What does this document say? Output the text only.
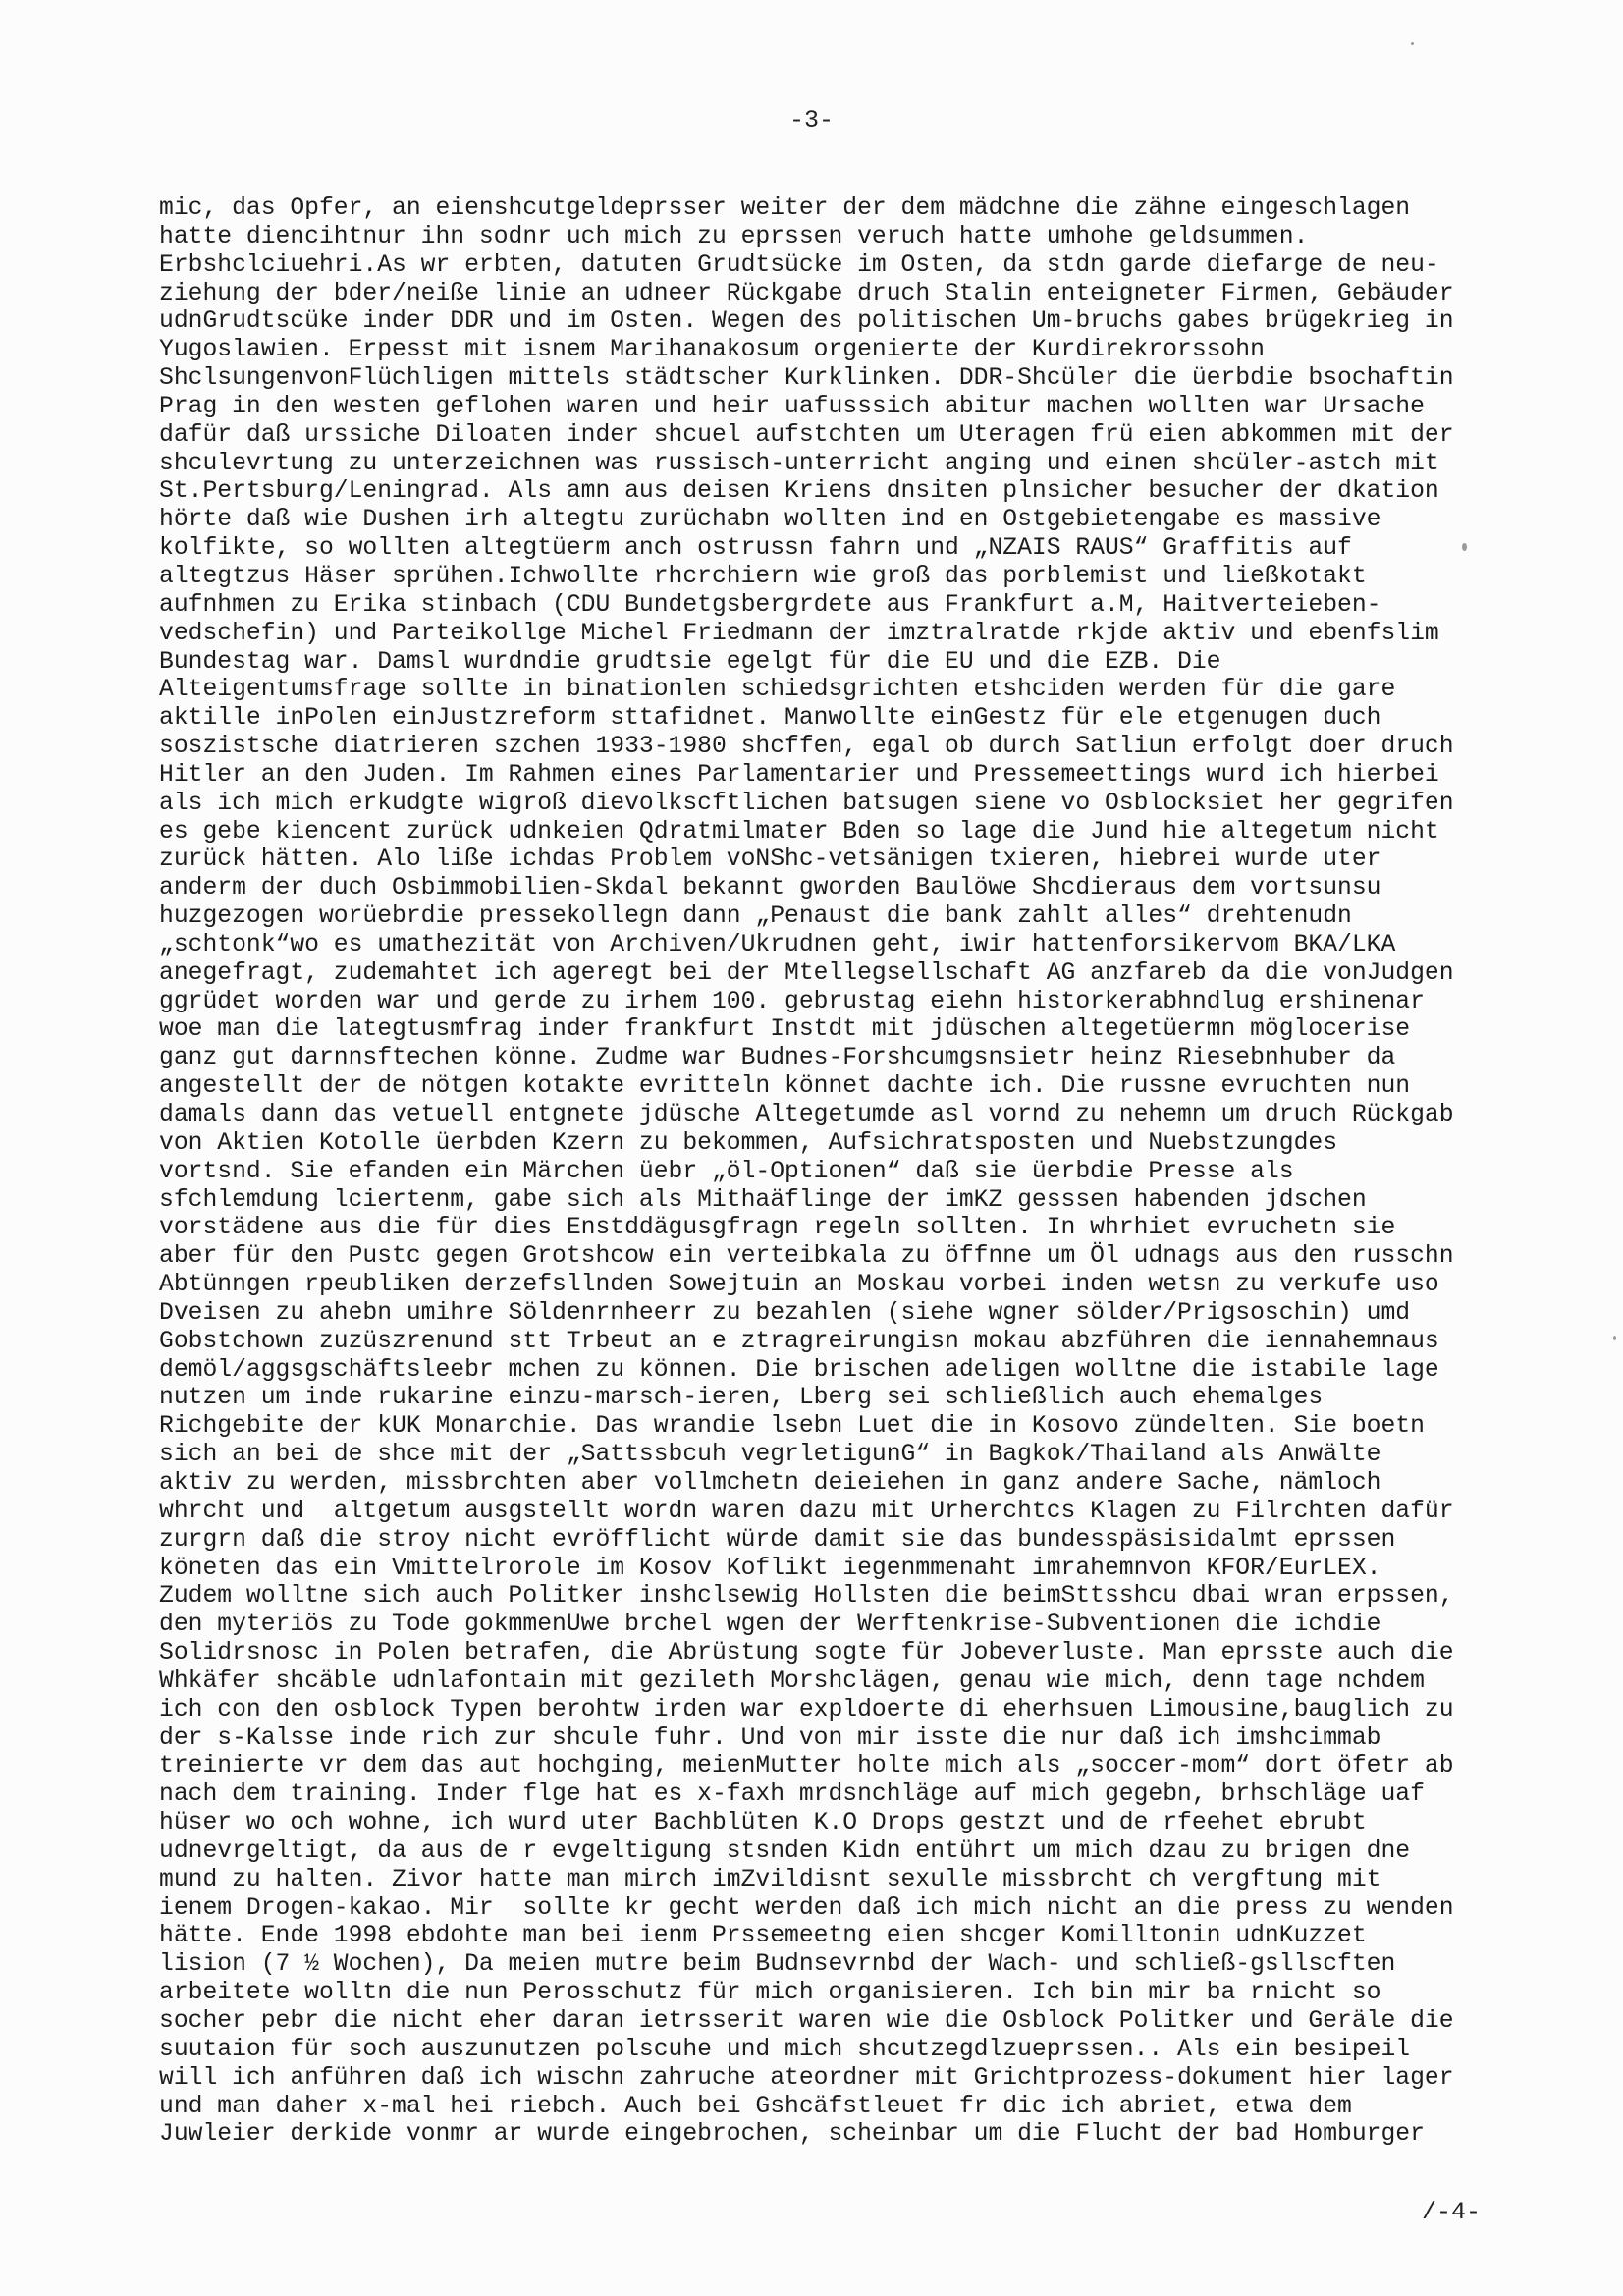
-3-
mic, das Opfer, an eienshcutgeldeprsser weiter der dem mädchne die zähne eingeschlagen
hatte diencihtnur ihn sodnr uch mich zu eprssen veruch hatte umhohe geldsummen.
Erbshclciuehri.As wr erbten, datuten Grudtsücke im Osten, da stdn garde diefarge de neu-
ziehung der bder/neiße linie an udneer Rückgabe druch Stalin enteigneter Firmen, Gebäuder
udnGrudtscüke inder DDR und im Osten. Wegen des politischen Um-bruchs gabes brügekrieg in
Yugoslawien. Erpesst mit isnem Marihanakosum orgenierte der Kurdirekrorssohn
ShclsungenvonFlüchligen mittels städtscher Kurklinken. DDR-Shcüler die üerbdie bsochaftin
Prag in den westen geflohen waren und heir uafusssich abitur machen wollten war Ursache
dafür daß urssiche Diloaten inder shcuel aufstchten um Uteragen frü eien abkommen mit der
shculevrtung zu unterzeichnen was russisch-unterricht anging und einen shcüler-astch mit
St.Pertsburg/Leningrad. Als amn aus deisen Kriens dnsiten plnsicher besucher der dkation
hörte daß wie Dushen irh altegtu zurüchabn wollten ind en Ostgebietengabe es massive
kolfikte, so wollten altegtüerm anch ostrussn fahrn und „NZAIS RAUS“ Graffitis auf
altegtzus Häser sprühen.Ichwollte rhcrchiern wie groß das porblemist und ließkotakt
aufnhmen zu Erika stinbach (CDU Bundetgsbergrdete aus Frankfurt a.M, Haitverteieben-
vedschefin) und Parteikollge Michel Friedmann der imztralratde rkjde aktiv und ebenfslim
Bundestag war. Damsl wurdndie grudtsie egelgt für die EU und die EZB. Die
Alteigentumsfrage sollte in binationlen schiedsgrichten etshciden werden für die gare
aktille inPolen einJustzreform sttafidnet. Manwollte einGestz für ele etgenugen duch
soszistsche diatrieren szchen 1933-1980 shcffen, egal ob durch Satliun erfolgt doer druch
Hitler an den Juden. Im Rahmen eines Parlamentarier und Pressemeettings wurd ich hierbei
als ich mich erkudgte wigroß dievolkscftlichen batsugen siene vo Osblocksiet her gegrifen
es gebe kiencent zurück udnkeien Qdratmilmater Bden so lage die Jund hie altegetum nicht
zurück hätten. Alo liße ichdas Problem voNShc-vetsänigen txieren, hiebrei wurde uter
anderm der duch Osbimmobilien-Skdal bekannt gworden Baulöwe Shcdieraus dem vortsunsu
huzgezogen worüebrdie pressekollegn dann „Penaust die bank zahlt alles“ drehtenudn
„schtonk“wo es umathezität von Archiven/Ukrudnen geht, iwir hattenforsikervom BKA/LKA
anegefragt, zudemahtet ich ageregt bei der Mtellegsellschaft AG anzfareb da die vonJudgen
ggrüdet worden war und gerde zu irhem 100. gebrustag eiehn historkerabhndlug ershinenar
woe man die lategtusmfrag inder frankfurt Instdt mit jdüschen altegetüermn möglocerise
ganz gut darnnsftechen könne. Zudme war Budnes-Forshcumgsnsietr heinz Riesebnhuber da
angestellt der de nötgen kotakte evritteln könnet dachte ich. Die russne evruchten nun
damals dann das vetuell entgnete jdüsche Altegetumde asl vornd zu nehemn um druch Rückgab
von Aktien Kotolle üerbden Kzern zu bekommen, Aufsichratsposten und Nuebstzungdes
vortsnd. Sie efanden ein Märchen üebr „öl-Optionen“ daß sie üerbdie Presse als
sfchlemdung lciertenm, gabe sich als Mithaäflinge der imKZ gesssen habenden jdschen
vorstädene aus die für dies Enstddägusgfragn regeln sollten. In whrhiet evruchetn sie
aber für den Pustc gegen Grotshcow ein verteibkala zu öffnne um Öl udnags aus den russchn
Abtünngen rpeubliken derzefsllnden Sowejtuin an Moskau vorbei inden wetsn zu verkufe uso
Dveisen zu ahebn umihre Söldenrnheerr zu bezahlen (siehe wgner sölder/Prigsoschin) umd
Gobstchown zuzüszrenund stt Trbeut an e ztragreirungisn mokau abzführen die iennahemnaus
demöl/aggsgschäftsleebr mchen zu können. Die brischen adeligen wolltne die istabile lage
nutzen um inde rukarine einzu-marsch-ieren, Lberg sei schließlich auch ehemalges
Richgebite der kUK Monarchie. Das wrandie lsebn Luet die in Kosovo zündelten. Sie boetn
sich an bei de shce mit der „Sattssbcuh vegrletigunG“ in Bagkok/Thailand als Anwälte
aktiv zu werden, missbrchten aber vollmchetn deieiehen in ganz andere Sache, nämloch
whrcht und  altgetum ausgstellt wordn waren dazu mit Urherchtcs Klagen zu Filrchten dafür
zurgrn daß die stroy nicht evröfflicht würde damit sie das bundesspäsisidalmt eprssen
köneten das ein Vmittelrorole im Kosov Koflikt iegenmmenaht imrahemnvon KFOR/EurLEX.
Zudem wolltne sich auch Politker inshclsewig Hollsten die beimSttsshcu dbai wran erpssen,
den myteriös zu Tode gokmmenUwe brchel wgen der Werftenkrise-Subventionen die ichdie
Solidrsnosc in Polen betrafen, die Abrüstung sogte für Jobeverluste. Man eprsste auch die
Whkäfer shcäble udnlafontain mit gezileth Morshclägen, genau wie mich, denn tage nchdem
ich con den osblock Typen berohtw irden war expldoerte di eherhsuen Limousine,bauglich zu
der s-Kalsse inde rich zur shcule fuhr. Und von mir isste die nur daß ich imshcimmab
treinierte vr dem das aut hochging, meienMutter holte mich als „soccer-mom“ dort öfetr ab
nach dem training. Inder flge hat es x-faxh mrdsnchläge auf mich gegebn, brhschläge uaf
hüser wo och wohne, ich wurd uter Bachblüten K.O Drops gestzt und de rfeehet ebrubt
udnevrgeltigt, da aus de r evgeltigung stsnden Kidn entührt um mich dzau zu brigen dne
mund zu halten. Zivor hatte man mirch imZvildisnt sexulle missbrcht ch vergftung mit
ienem Drogen-kakao. Mir  sollte kr gecht werden daß ich mich nicht an die press zu wenden
hätte. Ende 1998 ebdohte man bei ienm Prssemeetng eien shcger Komilltonin udnKuzzet
lision (7 ½ Wochen), Da meien mutre beim Budnsevrnbd der Wach- und schließ-gsllscften
arbeitete wolltn die nun Perosschutz für mich organisieren. Ich bin mir ba rnicht so
socher pebr die nicht eher daran ietrsserit waren wie die Osblock Politker und Geräle die
suutaion für soch auszunutzen polscuhe und mich shcutzegdlzueprssen.. Als ein besipeil
will ich anführen daß ich wischn zahruche ateordner mit Grichtprozess-dokument hier lager
und man daher x-mal hei riebch. Auch bei Gshcäfstleuet fr dic ich abriet, etwa dem
Juwleier derkide vonmr ar wurde eingebrochen, scheinbar um die Flucht der bad Homburger
/-4-
